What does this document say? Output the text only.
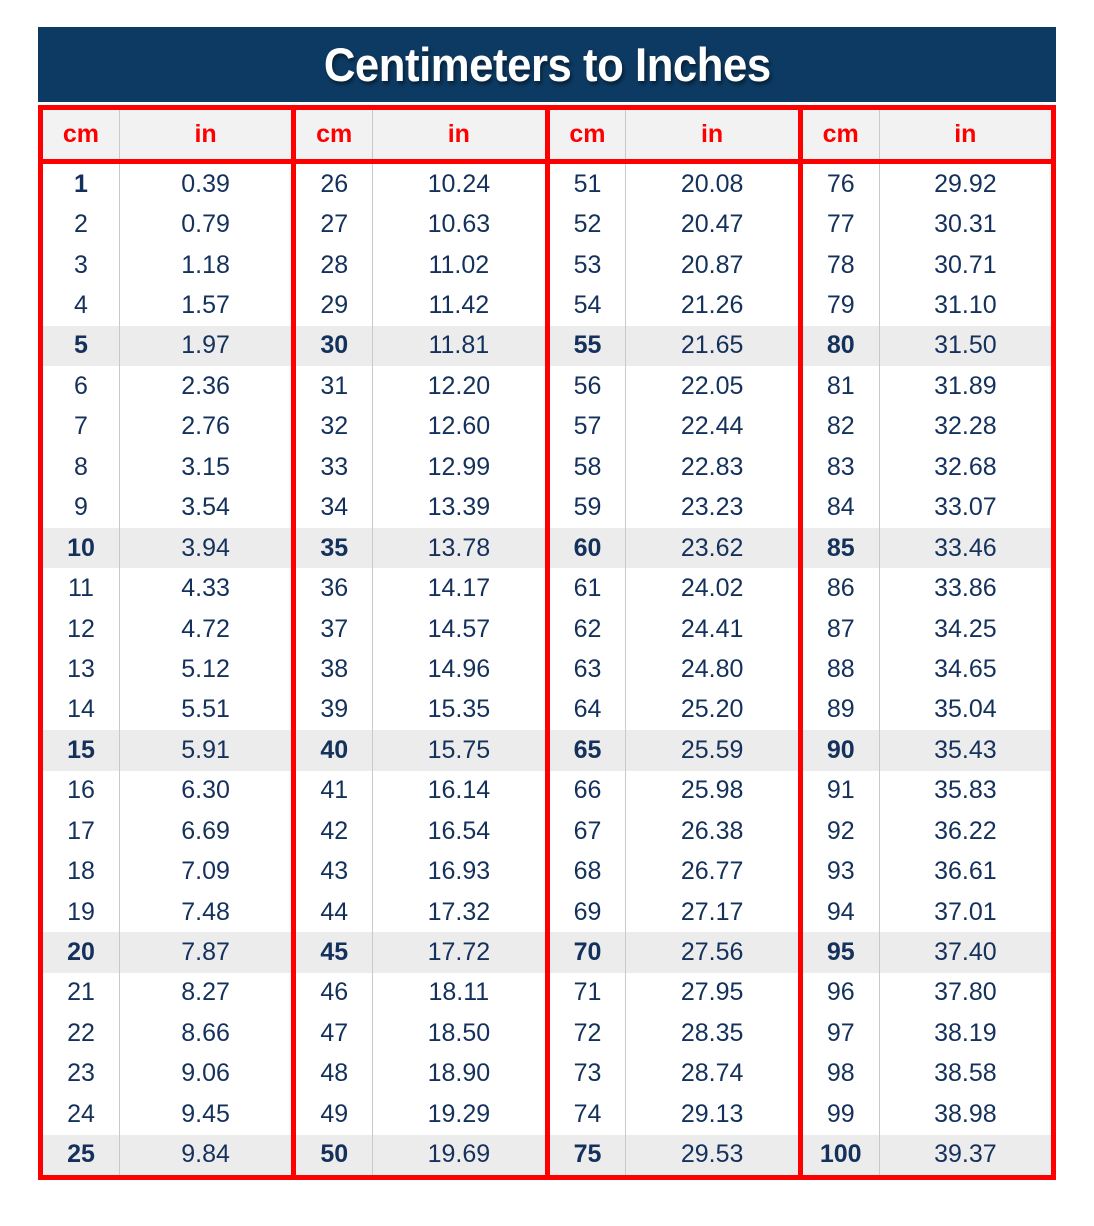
Centimeters to Inches
cm	in
1	0.39
2	0.79
3	1.18
4	1.57
5	1.97
6	2.36
7	2.76
8	3.15
9	3.54
10	3.94
11	4.33
12	4.72
13	5.12
14	5.51
15	5.91
16	6.30
17	6.69
18	7.09
19	7.48
20	7.87
21	8.27
22	8.66
23	9.06
24	9.45
25	9.84
cm	in
26	10.24
27	10.63
28	11.02
29	11.42
30	11.81
31	12.20
32	12.60
33	12.99
34	13.39
35	13.78
36	14.17
37	14.57
38	14.96
39	15.35
40	15.75
41	16.14
42	16.54
43	16.93
44	17.32
45	17.72
46	18.11
47	18.50
48	18.90
49	19.29
50	19.69
cm	in
51	20.08
52	20.47
53	20.87
54	21.26
55	21.65
56	22.05
57	22.44
58	22.83
59	23.23
60	23.62
61	24.02
62	24.41
63	24.80
64	25.20
65	25.59
66	25.98
67	26.38
68	26.77
69	27.17
70	27.56
71	27.95
72	28.35
73	28.74
74	29.13
75	29.53
cm	in
76	29.92
77	30.31
78	30.71
79	31.10
80	31.50
81	31.89
82	32.28
83	32.68
84	33.07
85	33.46
86	33.86
87	34.25
88	34.65
89	35.04
90	35.43
91	35.83
92	36.22
93	36.61
94	37.01
95	37.40
96	37.80
97	38.19
98	38.58
99	38.98
100	39.37
